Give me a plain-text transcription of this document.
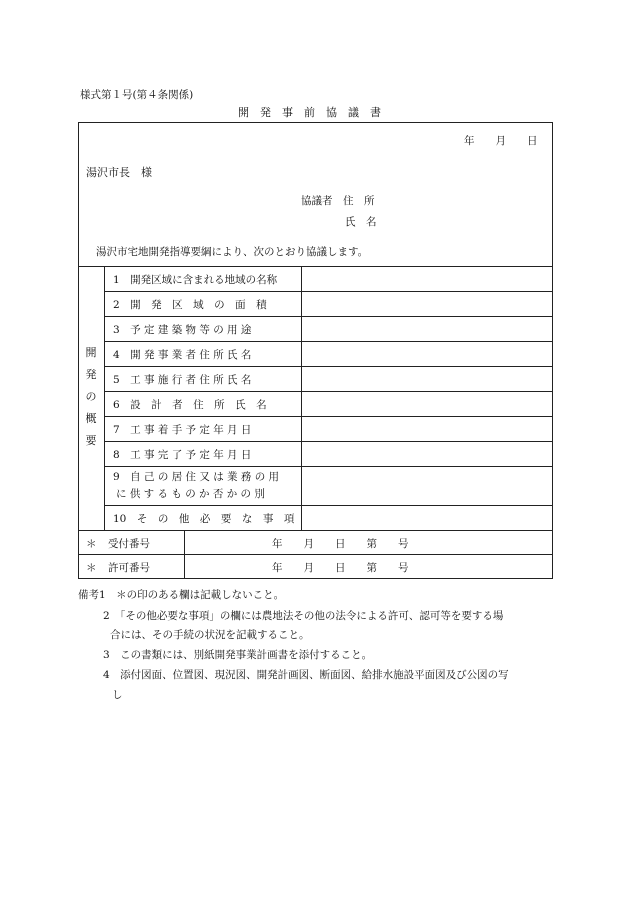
様式第１号(第４条関係)
開　発　事　前　協　議　書
年　　月　　日
湯沢市長　様
協議者　住　所
氏　名
湯沢市宅地開発指導要綱により、次のとおり協議します。
開
発
の
概
要
1　開発区域に含まれる地域の名称
2　開　発　区　域　の　面　積
3　予 定 建 築 物 等 の 用 途
4　開 発 事 業 者 住 所 氏 名
5　工 事 施 行 者 住 所 氏 名
6　設　計　者　住　所　氏　名
7　工 事 着 手 予 定 年 月 日
8　工 事 完 了 予 定 年 月 日
9　自 己 の 居 住 又 は 業 務 の 用
に 供 す る も の か 否 か の 別
10　そ　の　他　必　要　な　事　項
＊ 受付番号	年　　月　　日　　第　　号
＊ 許可番号	年　　月　　日　　第　　号
備考1　＊の印のある欄は記載しないこと。
2　「その他必要な事項」の欄には農地法その他の法令による許可、認可等を要する場
合には、その手続の状況を記載すること。
3　この書類には、別紙開発事業計画書を添付すること。
4　添付図面、位置図、現況図、開発計画図、断面図、給排水施設平面図及び公図の写
し
